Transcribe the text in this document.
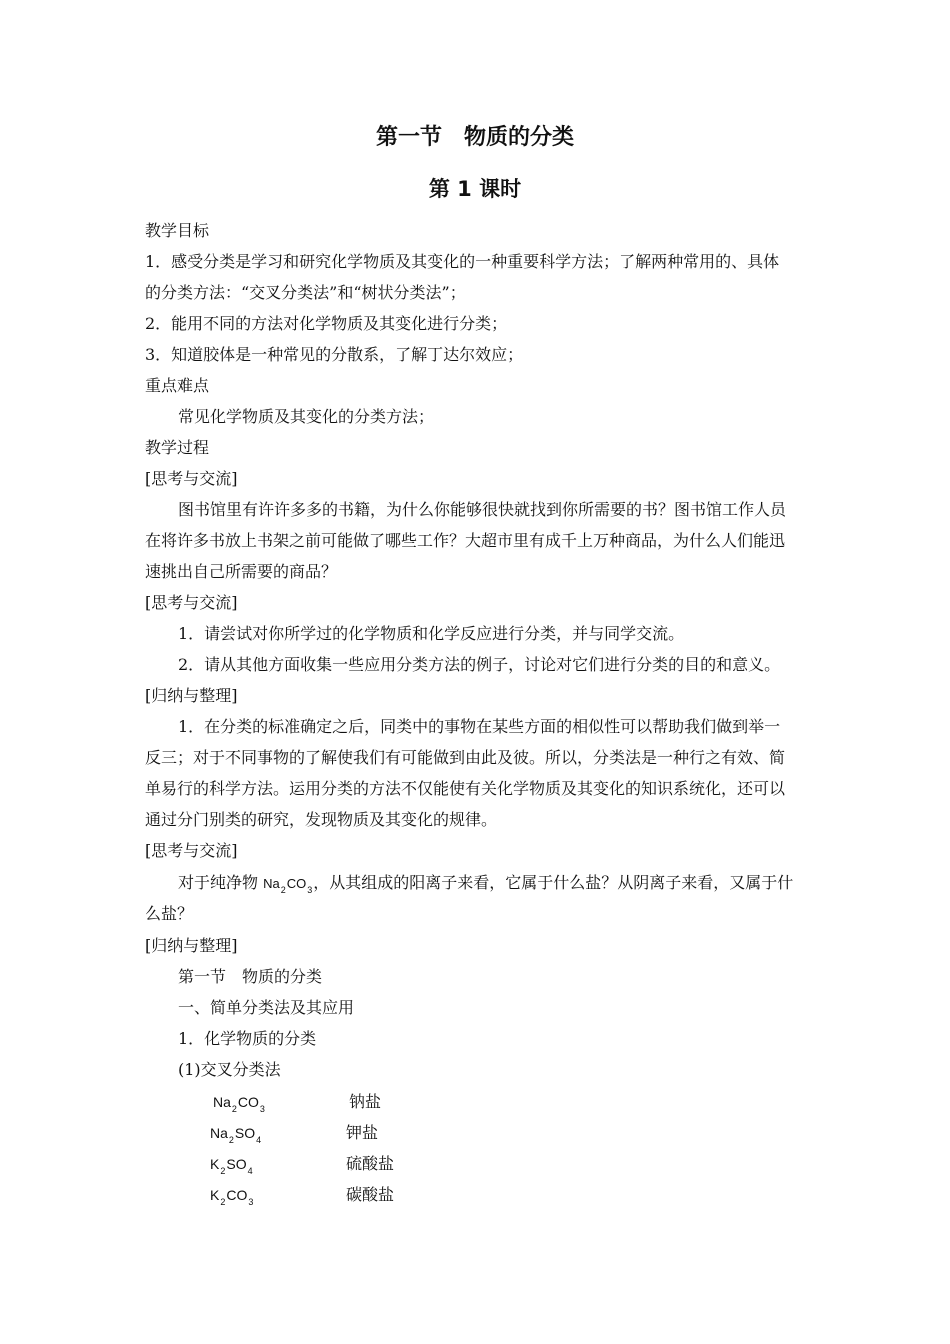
第一节　物质的分类
第 1 课时
教学目标
1．感受分类是学习和研究化学物质及其变化的一种重要科学方法；了解两种常用的、具体
的分类方法：“交叉分类法”和“树状分类法”；
2．能用不同的方法对化学物质及其变化进行分类；
3．知道胶体是一种常见的分散系，了解丁达尔效应；
重点难点
常见化学物质及其变化的分类方法；
教学过程
[思考与交流]
图书馆里有许许多多的书籍，为什么你能够很快就找到你所需要的书？图书馆工作人员
在将许多书放上书架之前可能做了哪些工作？大超市里有成千上万种商品，为什么人们能迅
速挑出自己所需要的商品？
[思考与交流]
1．请尝试对你所学过的化学物质和化学反应进行分类，并与同学交流。
2．请从其他方面收集一些应用分类方法的例子，讨论对它们进行分类的目的和意义。
[归纳与整理]
1．在分类的标准确定之后，同类中的事物在某些方面的相似性可以帮助我们做到举一
反三；对于不同事物的了解使我们有可能做到由此及彼。所以，分类法是一种行之有效、简
单易行的科学方法。运用分类的方法不仅能使有关化学物质及其变化的知识系统化，还可以
通过分门别类的研究，发现物质及其变化的规律。
[思考与交流]
对于纯净物 $Na_2CO_3$，从其组成的阳离子来看，它属于什么盐？从阴离子来看，又属于什
么盐？
[归纳与整理]
第一节　物质的分类
一、简单分类法及其应用
1．化学物质的分类
(1)交叉分类法
$Na_2CO_3$	钠盐
$Na_2SO_4$	钾盐
$K_2SO_4$	硫酸盐
$K_2CO_3$	碳酸盐
